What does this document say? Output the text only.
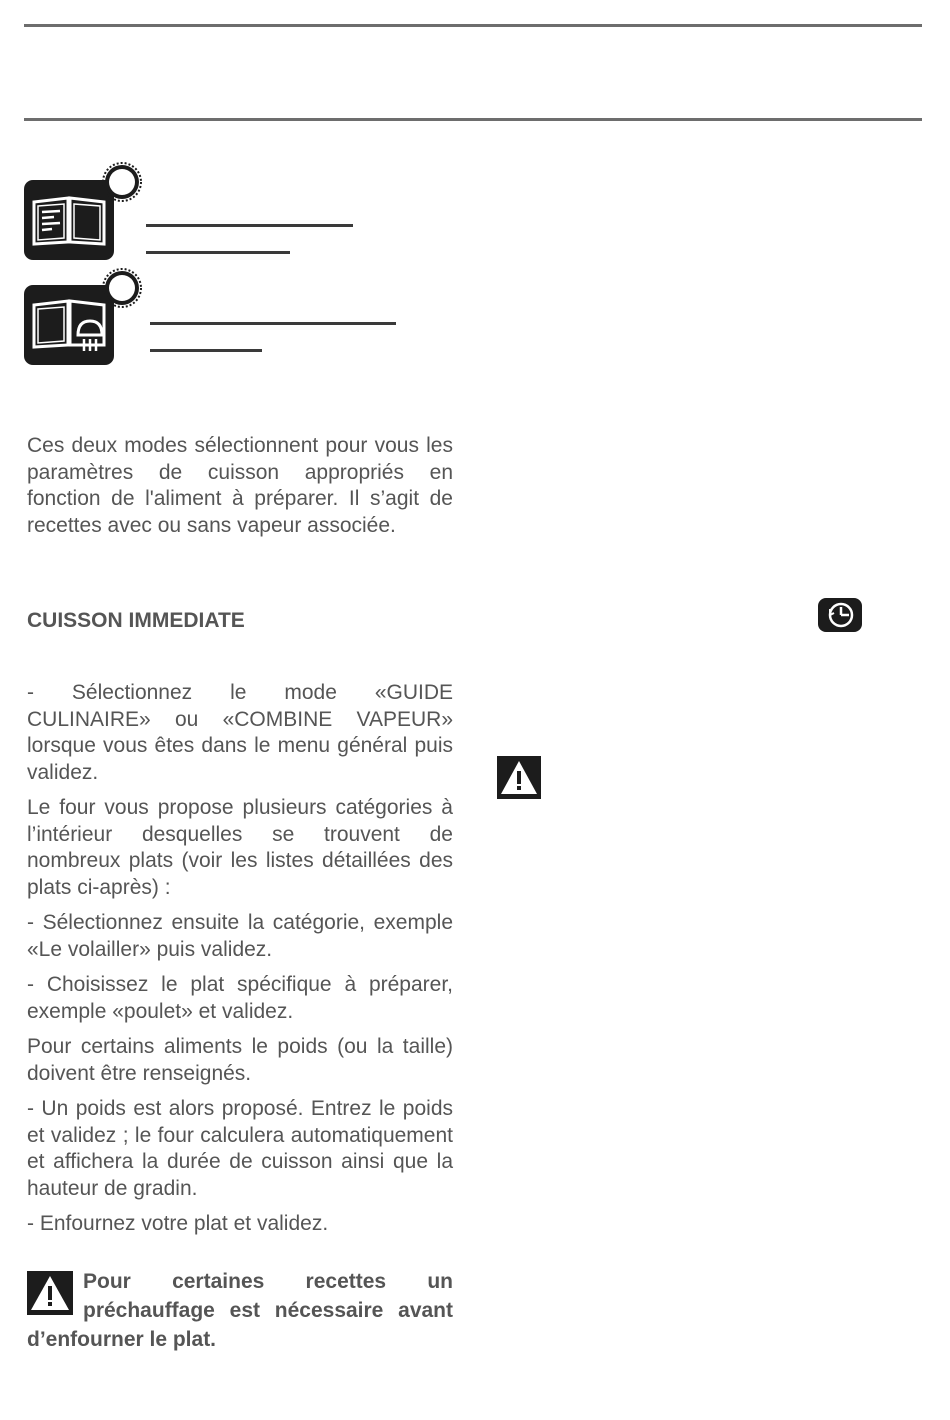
Ces deux modes sélectionnent pour vous les paramètres de cuisson appropriés en fonction de l'aliment à préparer. Il s’agit de recettes avec ou sans vapeur associée.

CUISSON IMMEDIATE

- Sélectionnez le mode «GUIDE CULINAIRE» ou «COMBINE VAPEUR» lorsque vous êtes dans le menu général puis validez.

Le four vous propose plusieurs catégories à l’intérieur desquelles se trouvent de nombreux plats (voir les listes détaillées des plats ci-après) :

- Sélectionnez ensuite la catégorie, exemple «Le volailler» puis validez.

- Choisissez le plat spécifique à préparer, exemple «poulet» et validez.

Pour certains aliments le poids (ou la taille) doivent être renseignés.

- Un poids est alors proposé. Entrez le poids et validez ; le four calculera automatiquement et affichera la durée de cuisson ainsi que la hauteur de gradin.

- Enfournez votre plat et validez.

Pour certaines recettes un préchauffage est nécessaire avant d’enfourner le plat.
